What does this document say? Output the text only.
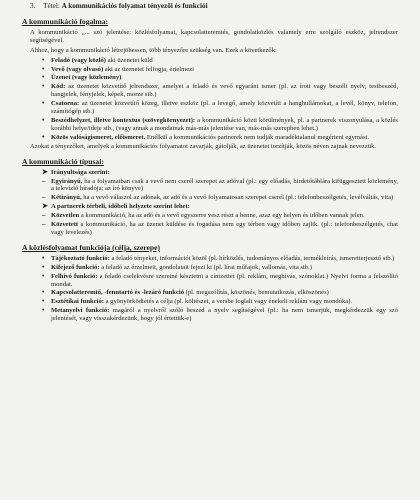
3. Tétel: A kommunikációs folyamat tényezői és funkciói
A kommunikáció fogalma:

A kommunikáció „... szó jelentése: közlésfolyamat, kapcsolatteremtés, gondolatközlés valamely erre szolgáló eszköz, jelrendszer segítségével.

Ahhoz, hogy a kommunikáció létrejöhessen, több tényezőre szükség van. Ezek a következők:

• Feladó (vagy közlő) aki üzenetet küld
• Vevő (vagy olvasó) aki az üzenetet felfogja, értelmezi
• Üzenet (vagy közlemény)
• Kód: az üzenetet közvetítő jelrendszer, amelyet a feladó és vevő egyaránt ismer (pl. az írott vagy beszélt nyelv, testbeszéd, hangjelek, fényjelek, képek, morze stb.)
• Csatorna: az üzenetet közvetítő közeg, illetve eszköz (pl. a levegő, amely közvetíti a hanghullámokat, a levél, könyv, telefon, számítógép stb.)
• Beszédhelyzet, illetve kontextus (szövegkörnyezet): a kommunikáció közti körülmények, pl. a partnerek viszonyulása, a közlés korábbi helye/ideje stb., (vagy annak a mondatnak más-más jelentése van, más-más szerepben lehet.)
• Közös valóságismeret, előismeret. Enélkül a kommunikációs partnerek nem tudják maradéktalanul megérteni egymást.

Azokat a tényezőket, amelyek a kommunikációs folyamatot zavarják, gátolják, az üzenetet torzítják, közös néven zajnak nevezzük.

A kommunikáció típusai:
➤ Irányultsága szerint:
– Egyirányú, ha a folyamatban csak a vevő nem cserél szerepet az adóval (pl.: egy előadás, hirdetőtáblára kifüggesztett közlemény, a televízió híradója; az író könyve)
– Kétirányú, ha a vevő válaszol az adónak, az adó és a vevő folyamatosan szerepet cserél (pl.: telefonbeszélgetés, levélváltás, vita)
➤ A partnerek térbeli, időbeli helyzete szerint lehet:
– Közvetlen a kommunikáció, ha az adó és a vevő egyszerre vesz részt a benne, azaz egy helyen és időben vannak jelen.
– Közvetett a kommunikáció, ha az üzenet küldése és fogadása nem egy térben vagy időben zajlik. (pl.: telefonbeszélgetés, chat vagy levelezés)
A közlésfolyamat funkciója (célja, szerepe)
• Tájékoztató funkció: a feladó tényeket, információt közöl (pl. hírközlés, tudományos előadás, termékleírás, ismeretterjesztő stb.)
• Kifejező funkció: a feladó az érzelmeit, gondolatait fejezi ki (pl. lírai műfajok, vallomás, vita stb.)
• Felhívó funkció: a feladó cselekvésre szeretné késztetni a címzettet (pl. reklám, meghívás, szónoklat.) Nyelvi forma a felszólító mondat.
• Kapcsolatteremtő, -fenntartó és -lezáró funkció (pl. megszólítás, köszönés, bemutatkozás, elköszönés)
• Esztétikai funkció: a gyönyörködtetés a célja (pl. költészet, a versbe foglalt vagy énekelt reklám vagy mondóka).
• Metanyelvi funkció: magáról a nyelvről szóló beszéd a nyelv segítségével (pl.: ha nem ismerjük, megkérdezzük egy szó jelentését, vagy visszakérdezünk, hogy jól értettük-e)
